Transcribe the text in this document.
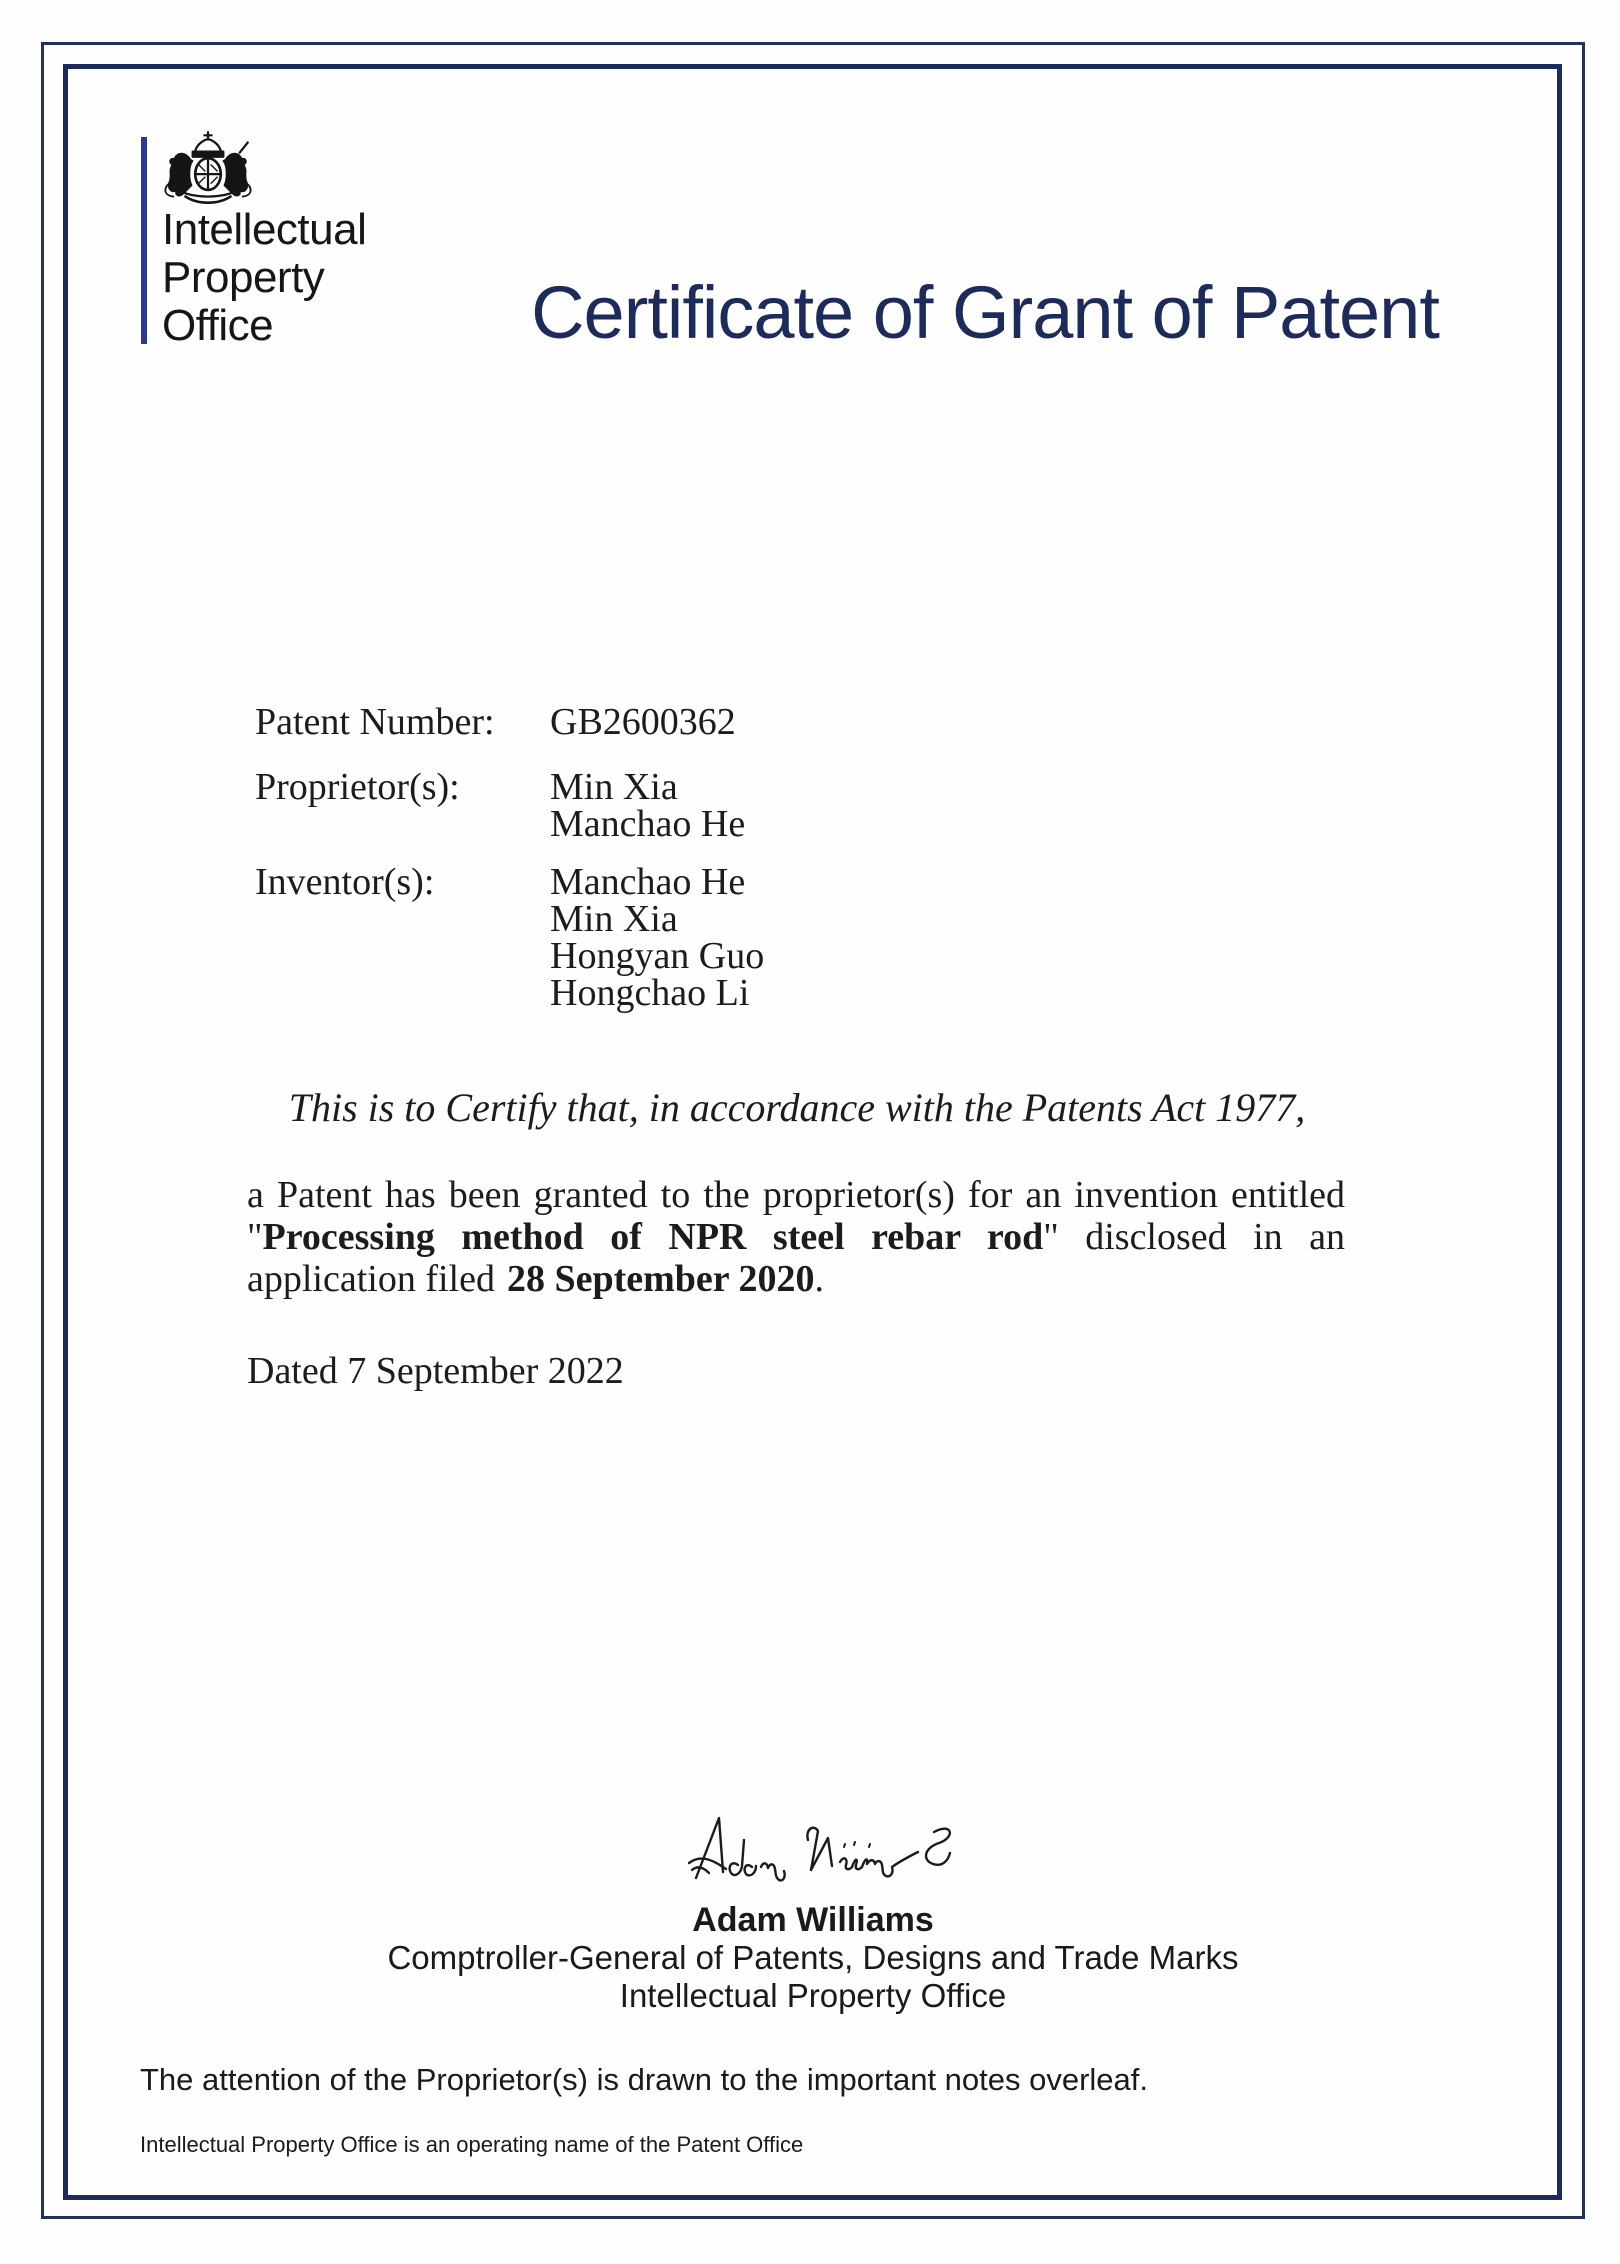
Intellectual
Property
Office	Certificate of Grant of Patent
Patent Number: GB2600362
Proprietor(s): Min Xia
Manchao He
Inventor(s):	Manchao He
Min Xia
Hongyan Guo
Hongchao Li
This is to Certify that, in accordance with the Patents Act 1977,
a Patent has been granted to the proprietor(s) for an invention entitled
"Processing method of NPR steel rebar rod" disclosed in an
application filed 28 September 2020.
Dated 7 September 2022
Adam Williams
Comptroller-General of Patents, Designs and Trade Marks
Intellectual Property Office
The attention of the Proprietor(s) is drawn to the important notes overleaf.
Intellectual Property Office is an operating name of the Patent Office
